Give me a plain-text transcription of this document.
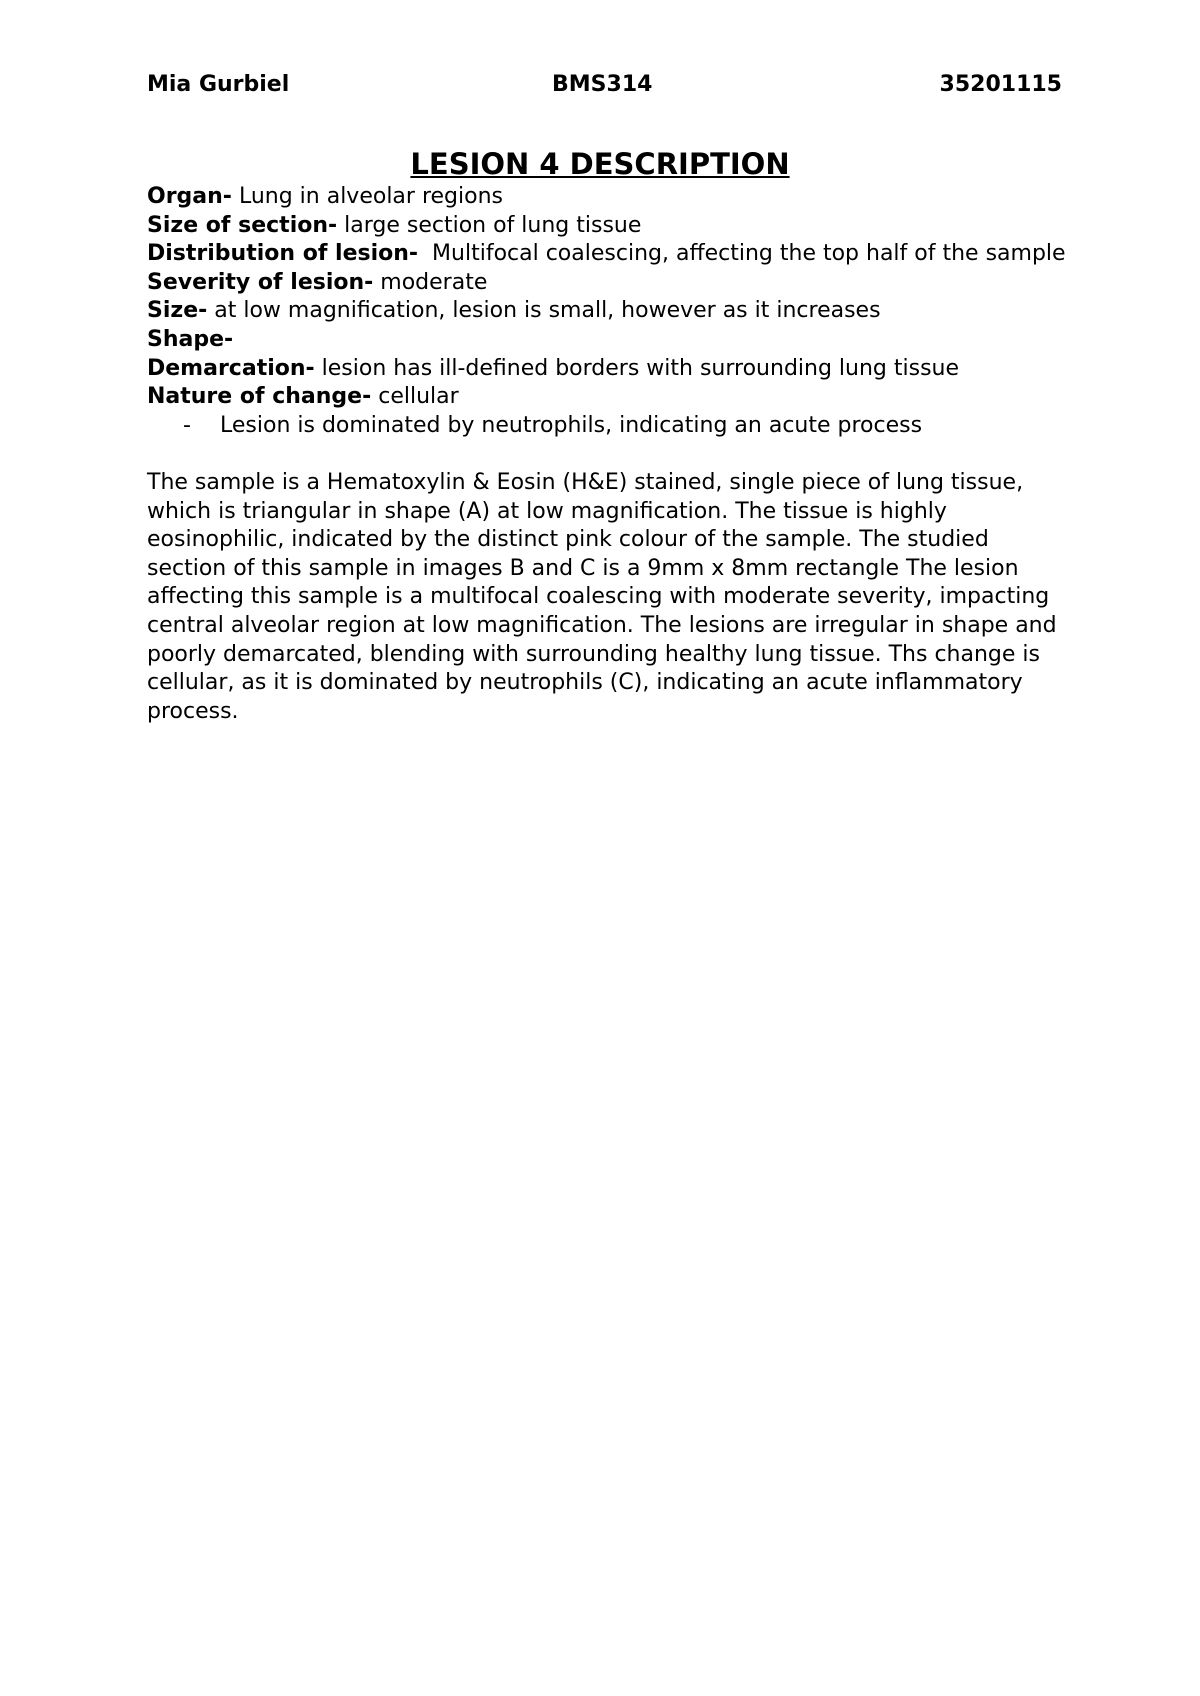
Mia Gurbiel	BMS314	35201115
LESION 4 DESCRIPTION

Organ- Lung in alveolar regions

Size of section- large section of lung tissue

Distribution of lesion-  Multifocal coalescing, affecting the top half of the sample

Severity of lesion- moderate

Size- at low magnification, lesion is small, however as it increases

Shape-

Demarcation- lesion has ill-defined borders with surrounding lung tissue

Nature of change- cellular

- Lesion is dominated by neutrophils, indicating an acute process

The sample is a Hematoxylin & Eosin (H&E) stained, single piece of lung tissue, which is triangular in shape (A) at low magnification. The tissue is highly eosinophilic, indicated by the distinct pink colour of the sample. The studied section of this sample in images B and C is a 9mm x 8mm rectangle The lesion affecting this sample is a multifocal coalescing with moderate severity, impacting central alveolar region at low magnification. The lesions are irregular in shape and poorly demarcated, blending with surrounding healthy lung tissue. Ths change is cellular, as it is dominated by neutrophils (C), indicating an acute inflammatory process.
